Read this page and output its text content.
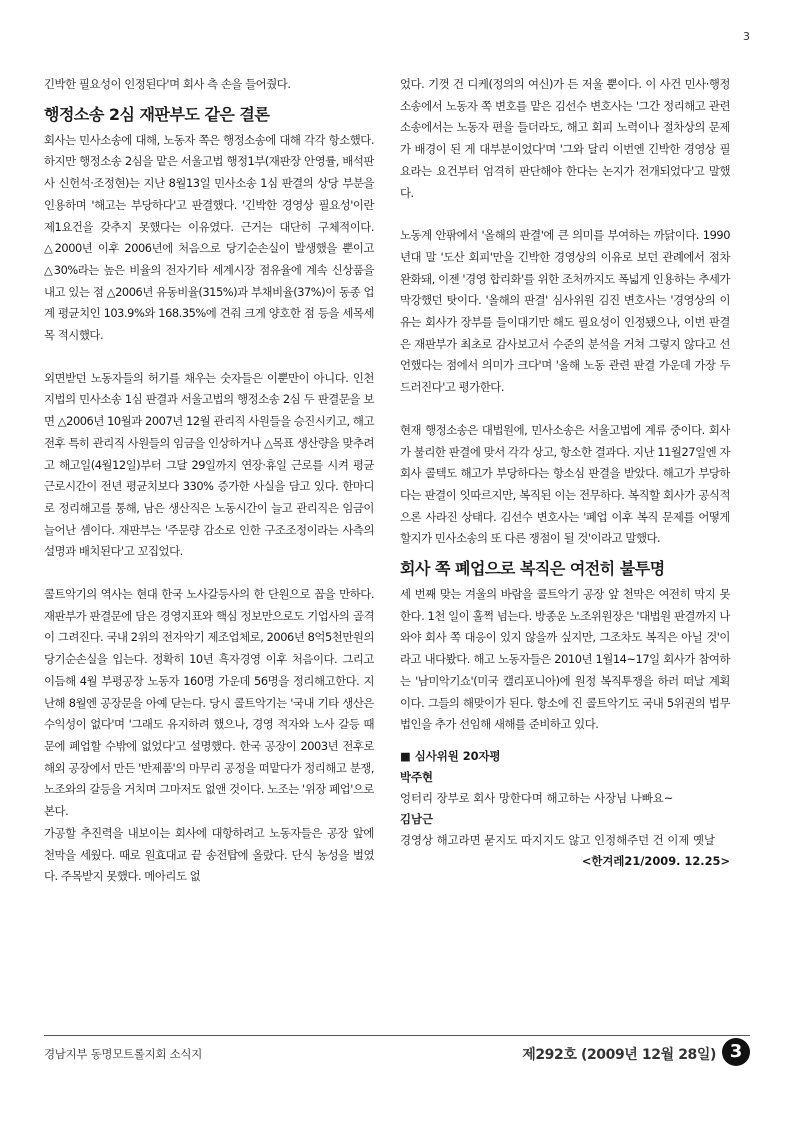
3

긴박한 필요성이 인정된다'며 회사 측 손을 들어줬다.

행정소송 2심 재판부도 같은 결론

회사는 민사소송에 대해, 노동자 쪽은 행정소송에 대해 각각 항소했다. 하지만 행정소송 2심을 맡은 서울고법 행정1부(재판장 안영률, 배석판사 신헌석·조정현)는 지난 8월13일 민사소송 1심 판결의 상당 부분을 인용하며 '해고는 부당하다'고 판결했다. '긴박한 경영상 필요성'이란 제1요건을 갖추지 못했다는 이유였다. 근거는 대단히 구체적이다. △2000년 이후 2006년에 처음으로 당기순손실이 발생했을 뿐이고 △30%라는 높은 비율의 전자기타 세계시장 점유율에 계속 신상품을 내고 있는 점 △2006년 유동비율(315%)과 부채비율(37%)이 동종 업계 평균치인 103.9%와 168.35%에 견줘 크게 양호한 점 등을 세목세목 적시했다.

외면받던 노동자들의 허기를 채우는 숫자들은 이뿐만이 아니다. 인천지법의 민사소송 1심 판결과 서울고법의 행정소송 2심 두 판결문을 보면 △2006년 10월과 2007년 12월 관리직 사원들을 승진시키고, 해고 전후 특히 관리직 사원들의 임금을 인상하거나 △목표 생산량을 맞추려고 해고일(4월12일)부터 그달 29일까지 연장·휴일 근로를 시켜 평균 근로시간이 전년 평균치보다 330% 증가한 사실을 담고 있다. 한마디로 정리해고를 통해, 남은 생산직은 노동시간이 늘고 관리직은 임금이 늘어난 셈이다. 재판부는 '주문량 감소로 인한 구조조정이라는 사측의 설명과 배치된다'고 꼬집었다.

콜트악기의 역사는 현대 한국 노사갈등사의 한 단원으로 꼽을 만하다. 재판부가 판결문에 담은 경영지표와 핵심 정보만으로도 기업사의 골격이 그려진다. 국내 2위의 전자악기 제조업체로, 2006년 8억5천만원의 당기순손실을 입는다. 정확히 10년 흑자경영 이후 처음이다. 그리고 이듬해 4월 부평공장 노동자 160명 가운데 56명을 정리해고한다. 지난해 8월엔 공장문을 아예 닫는다. 당시 콜트악기는 '국내 기타 생산은 수익성이 없다'며 '그래도 유지하려 했으나, 경영 적자와 노사 갈등 때문에 폐업할 수밖에 없었다'고 설명했다. 한국 공장이 2003년 전후로 해외 공장에서 만든 '반제품'의 마무리 공정을 떠맡다가 정리해고 분쟁, 노조와의 갈등을 거치며 그마저도 없앤 것이다. 노조는 '위장 폐업'으로 본다.

가공할 추진력을 내보이는 회사에 대항하려고 노동자들은 공장 앞에 천막을 세웠다. 때로 원효대교 끝 송전탑에 올랐다. 단식 농성을 벌였다. 주목받지 못했다. 메아리도 없

었다. 기껏 건 디케(정의의 여신)가 든 저울 뿐이다. 이 사건 민사·행정 소송에서 노동자 쪽 변호를 맡은 김선수 변호사는 '그간 정리해고 관련 소송에서는 노동자 편을 들더라도, 해고 회피 노력이나 절차상의 문제가 배경이 된 게 대부분이었다'며 '그와 달리 이번엔 긴박한 경영상 필요라는 요건부터 엄격히 판단해야 한다는 논지가 전개되었다'고 말했다.

노동계 안팎에서 '올해의 판결'에 큰 의미를 부여하는 까닭이다. 1990년대 말 '도산 회피'만을 긴박한 경영상의 이유로 보던 관례에서 점차 완화돼, 이젠 '경영 합리화'를 위한 조처까지도 폭넓게 인용하는 추세가 막강했던 탓이다. '올해의 판결' 심사위원 김진 변호사는 '경영상의 이유는 회사가 장부를 들이대기만 해도 필요성이 인정됐으나, 이번 판결은 재판부가 최초로 감사보고서 수준의 분석을 거쳐 그렇지 않다고 선언했다는 점에서 의미가 크다'며 '올해 노동 관련 판결 가운데 가장 두드러진다'고 평가한다.

현재 행정소송은 대법원에, 민사소송은 서울고법에 계류 중이다. 회사가 불리한 판결에 맞서 각각 상고, 항소한 결과다. 지난 11월27일엔 자회사 콜텍도 해고가 부당하다는 항소심 판결을 받았다. 해고가 부당하다는 판결이 잇따르지만, 복직된 이는 전무하다. 복직할 회사가 공식적으론 사라진 상태다. 김선수 변호사는 '폐업 이후 복직 문제를 어떻게 할지가 민사소송의 또 다른 쟁점이 될 것'이라고 말했다.

회사 쪽 폐업으로 복직은 여전히 불투명

세 번째 맞는 겨울의 바람을 콜트악기 공장 앞 천막은 여전히 막지 못한다. 1천 일이 훌쩍 넘는다. 방종운 노조위원장은 '대법원 판결까지 나와야 회사 쪽 대응이 있지 않을까 싶지만, 그조차도 복직은 아닐 것'이라고 내다봤다. 해고 노동자들은 2010년 1월14~17일 회사가 참여하는 '남미악기쇼'(미국 캘리포니아)에 원정 복직투쟁을 하러 떠날 계획이다. 그들의 해맞이가 된다. 항소에 진 콜트악기도 국내 5위권의 법무법인을 추가 선임해 새해를 준비하고 있다.

■ 심사위원 20자평
박주현
엉터리 장부로 회사 망한다며 해고하는 사장님 나빠요~
김남근
경영상 해고라면 묻지도 따지지도 않고 인정해주던 건 이제 옛날
<한겨레21/2009. 12.25>
경남지부 동명모트롤지회 소식지	제292호 (2009년 12월 28일) 3
